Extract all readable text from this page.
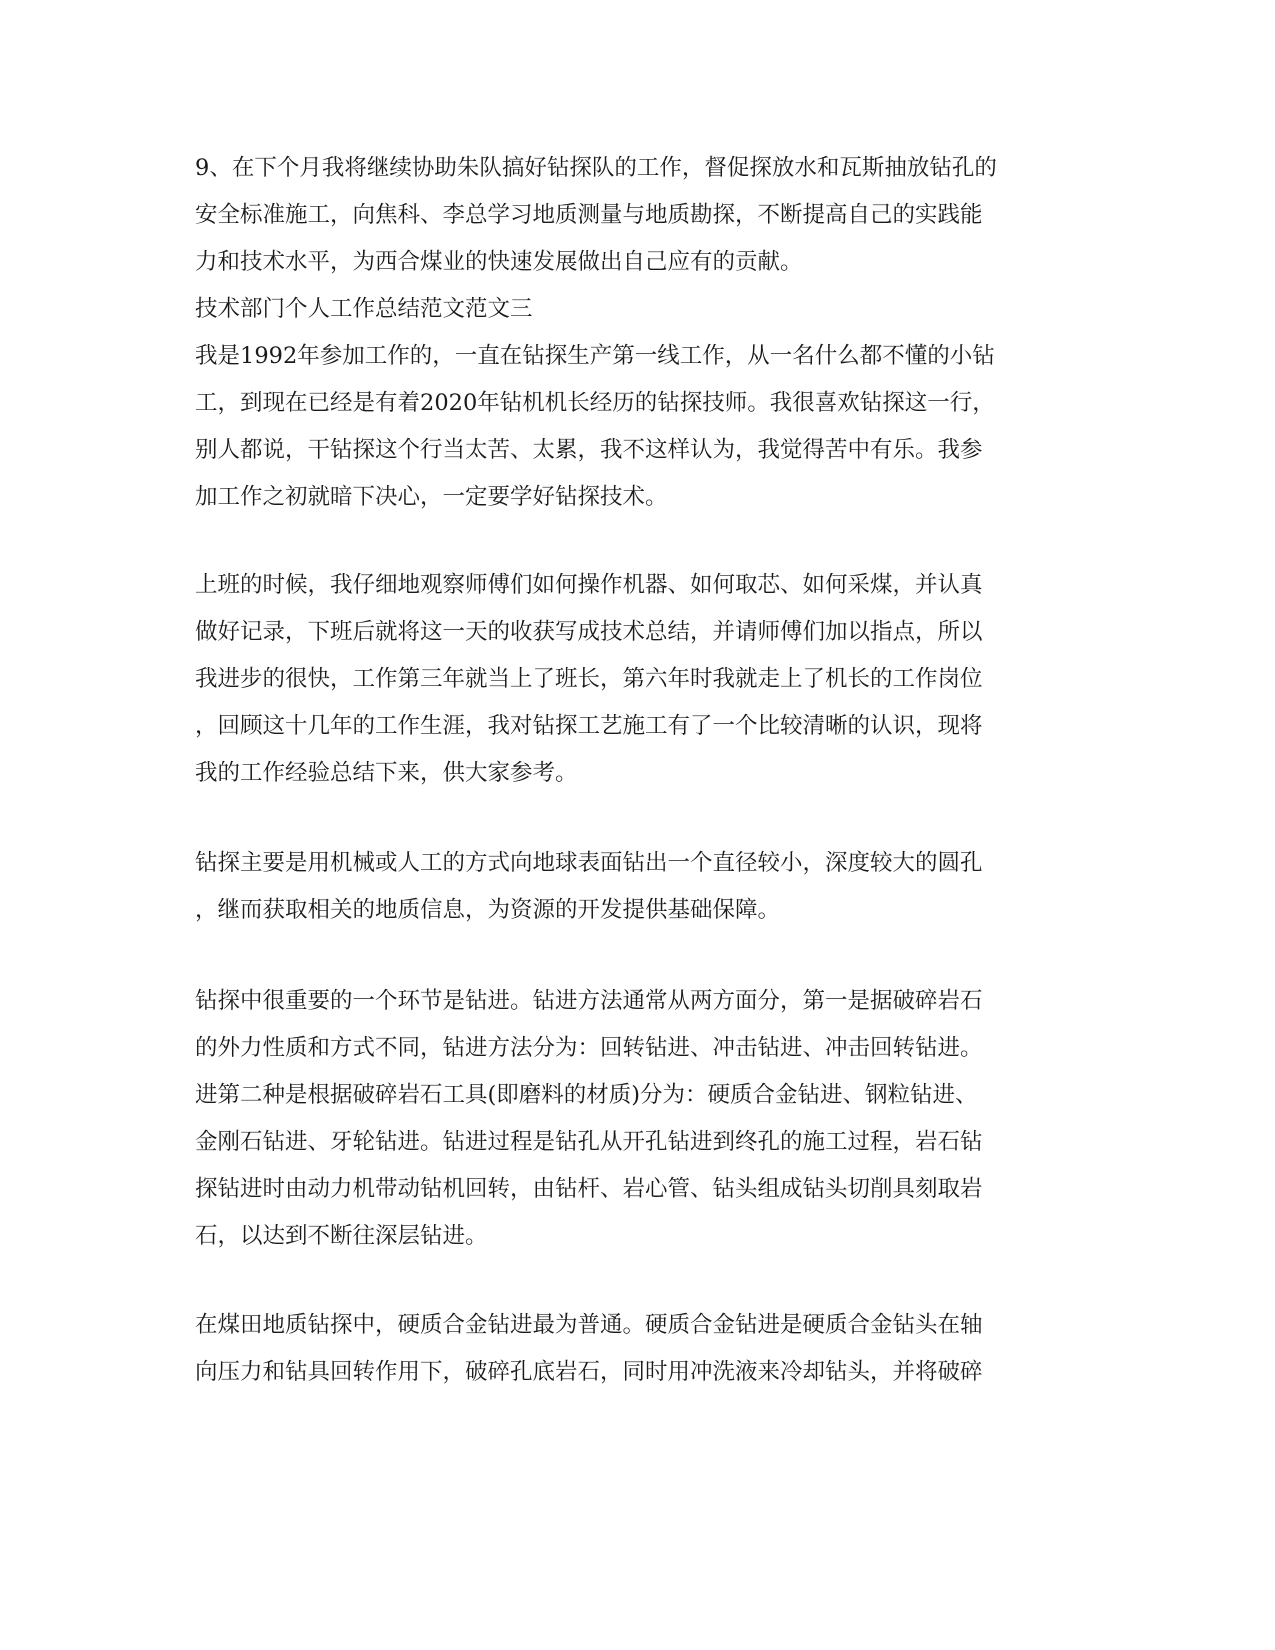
9、在下个月我将继续协助朱队搞好钻探队的工作，督促探放水和瓦斯抽放钻孔的
安全标准施工，向焦科、李总学习地质测量与地质勘探，不断提高自己的实践能
力和技术水平，为西合煤业的快速发展做出自己应有的贡献。
技术部门个人工作总结范文范文三
我是1992年参加工作的，一直在钻探生产第一线工作，从一名什么都不懂的小钻
工，到现在已经是有着2020年钻机机长经历的钻探技师。我很喜欢钻探这一行，
别人都说，干钻探这个行当太苦、太累，我不这样认为，我觉得苦中有乐。我参
加工作之初就暗下决心，一定要学好钻探技术。
上班的时候，我仔细地观察师傅们如何操作机器、如何取芯、如何采煤，并认真
做好记录，下班后就将这一天的收获写成技术总结，并请师傅们加以指点，所以
我进步的很快，工作第三年就当上了班长，第六年时我就走上了机长的工作岗位
，回顾这十几年的工作生涯，我对钻探工艺施工有了一个比较清晰的认识，现将
我的工作经验总结下来，供大家参考。
钻探主要是用机械或人工的方式向地球表面钻出一个直径较小，深度较大的圆孔
，继而获取相关的地质信息，为资源的开发提供基础保障。
钻探中很重要的一个环节是钻进。钻进方法通常从两方面分，第一是据破碎岩石
的外力性质和方式不同，钻进方法分为：回转钻进、冲击钻进、冲击回转钻进。
进第二种是根据破碎岩石工具(即磨料的材质)分为：硬质合金钻进、钢粒钻进、
金刚石钻进、牙轮钻进。钻进过程是钻孔从开孔钻进到终孔的施工过程，岩石钻
探钻进时由动力机带动钻机回转，由钻杆、岩心管、钻头组成钻头切削具刻取岩
石，以达到不断往深层钻进。
在煤田地质钻探中，硬质合金钻进最为普通。硬质合金钻进是硬质合金钻头在轴
向压力和钻具回转作用下，破碎孔底岩石，同时用冲洗液来冷却钻头，并将破碎
